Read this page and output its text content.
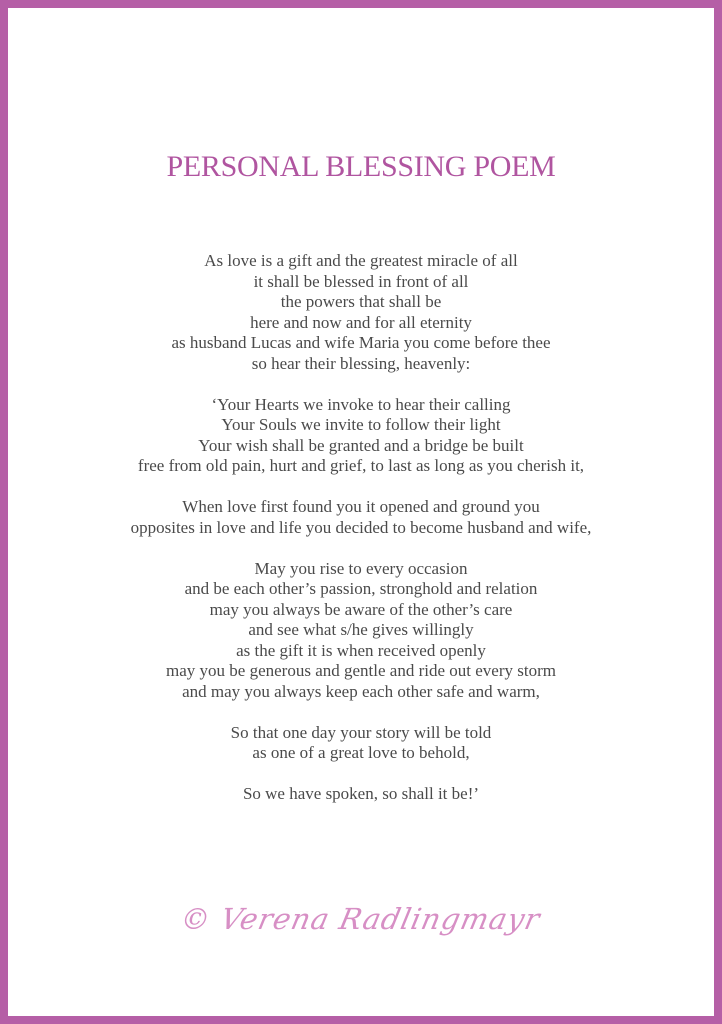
PERSONAL BLESSING POEM
As love is a gift and the greatest miracle of all
it shall be blessed in front of all
the powers that shall be
here and now and for all eternity
as husband Lucas and wife Maria you come before thee
so hear their blessing, heavenly:
‘Your Hearts we invoke to hear their calling
Your Souls we invite to follow their light
Your wish shall be granted and a bridge be built
free from old pain, hurt and grief, to last as long as you cherish it,
When love first found you it opened and ground you
opposites in love and life you decided to become husband and wife,
May you rise to every occasion
and be each other’s passion, stronghold and relation
may you always be aware of the other’s care
and see what s/he gives willingly
as the gift it is when received openly
may you be generous and gentle and ride out every storm
and may you always keep each other safe and warm,
So that one day your story will be told
as one of a great love to behold,
So we have spoken, so shall it be!’
© Verena Radlingmayr
